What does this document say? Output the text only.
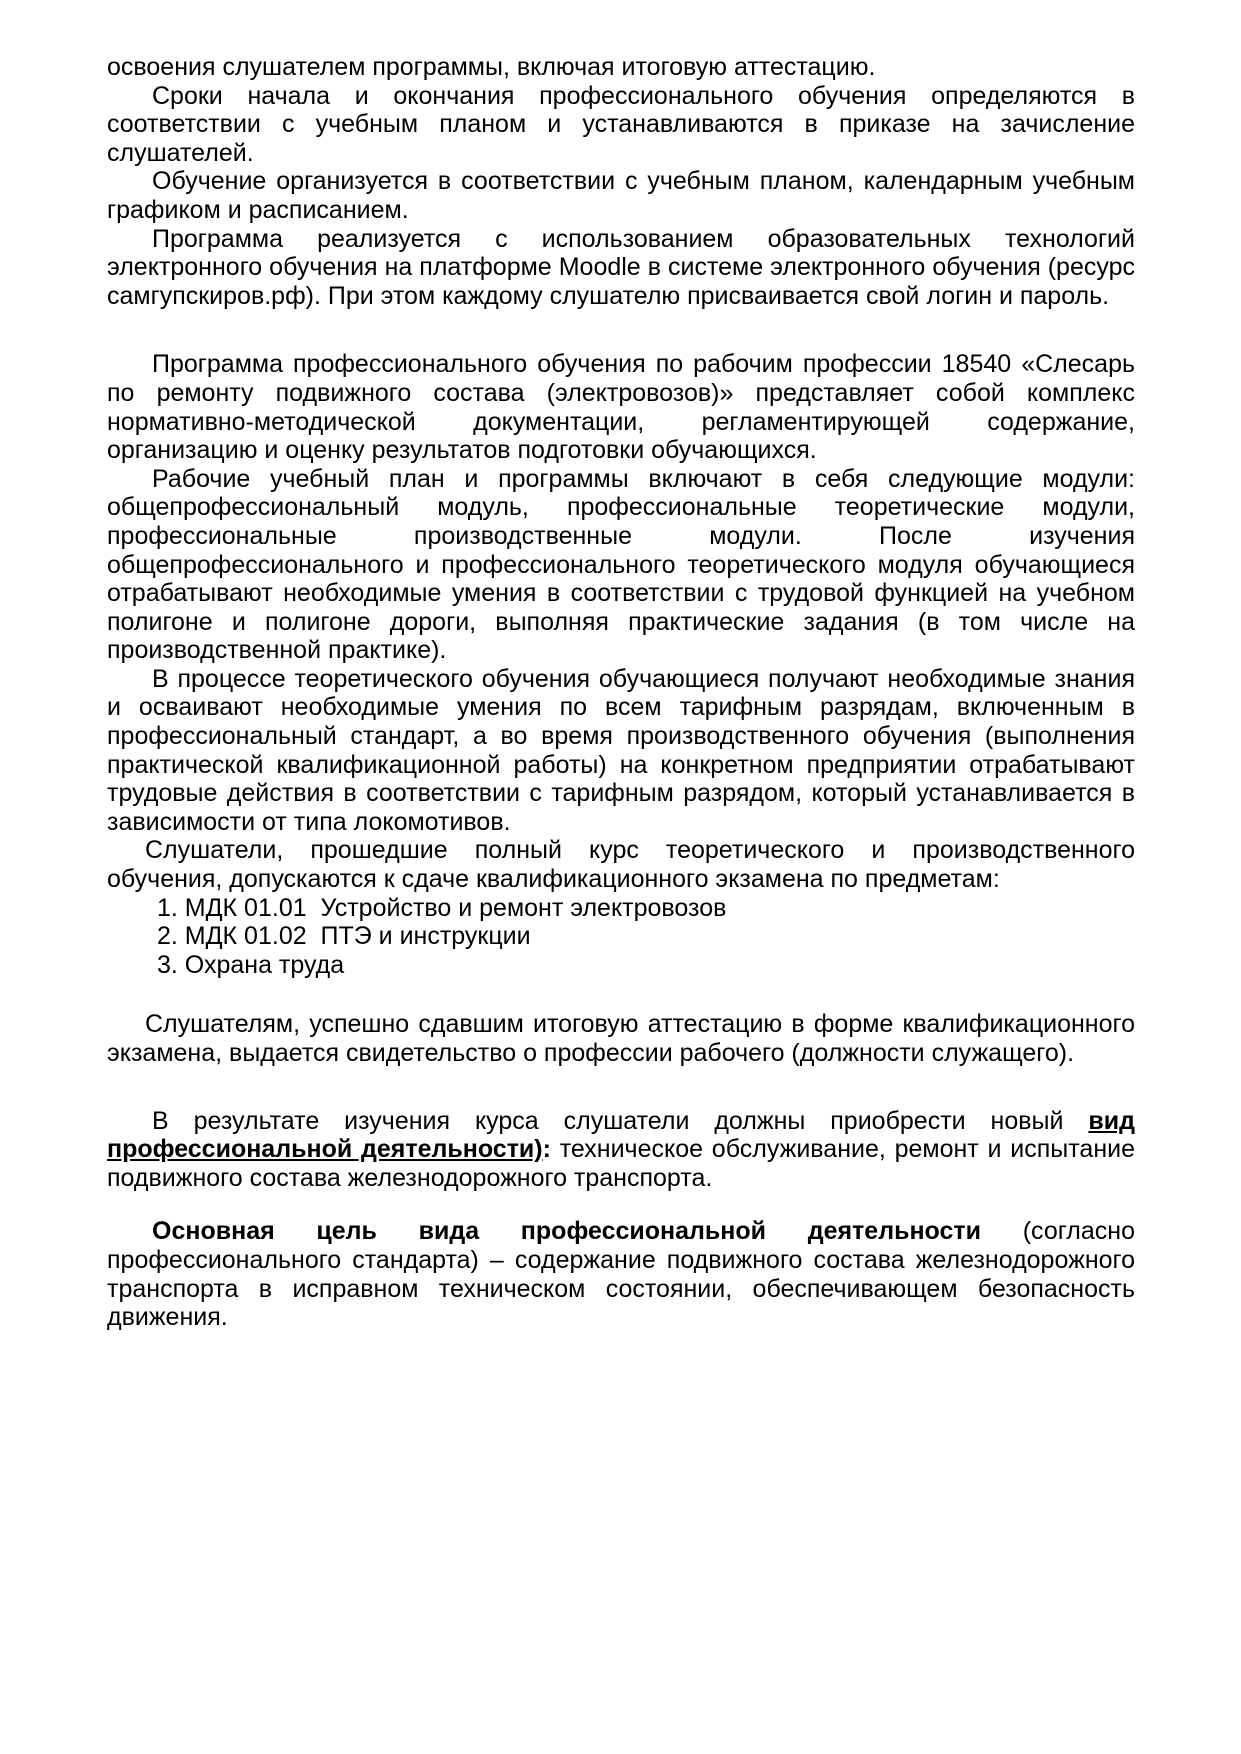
освоения слушателем программы, включая итоговую аттестацию.

Сроки начала и окончания профессионального обучения определяются в соответствии с учебным планом и устанавливаются в приказе на зачисление слушателей.

Обучение организуется в соответствии с учебным планом, календарным учебным графиком и расписанием.

Программа реализуется с использованием образовательных технологий электронного обучения на платформе Moodle в системе электронного обучения (ресурс самгупскиров.рф). При этом каждому слушателю присваивается свой логин и пароль.

Программа профессионального обучения по рабочим профессии 18540 «Слесарь по ремонту подвижного состава (электровозов)» представляет собой комплекс нормативно-методической документации, регламентирующей содержание, организацию и оценку результатов подготовки обучающихся.

Рабочие учебный план и программы включают в себя следующие модули: общепрофессиональный модуль, профессиональные теоретические модули, профессиональные производственные модули. После изучения общепрофессионального и профессионального теоретического модуля обучающиеся отрабатывают необходимые умения в соответствии с трудовой функцией на учебном полигоне и полигоне дороги, выполняя практические задания (в том числе на производственной практике).

В процессе теоретического обучения обучающиеся получают необходимые знания и осваивают необходимые умения по всем тарифным разрядам, включенным в профессиональный стандарт, а во время производственного обучения (выполнения практической квалификационной работы) на конкретном предприятии отрабатывают трудовые действия в соответствии с тарифным разрядом, который устанавливается в зависимости от типа локомотивов.

Слушатели, прошедшие полный курс теоретического и производственного обучения, допускаются к сдаче квалификационного экзамена по предметам:

1. МДК 01.01  Устройство и ремонт электровозов

2. МДК 01.02  ПТЭ и инструкции

3. Охрана труда

Слушателям, успешно сдавшим итоговую аттестацию в форме квалификационного экзамена, выдается свидетельство о профессии рабочего (должности служащего).

В результате изучения курса слушатели должны приобрести новый вид профессиональной деятельности): техническое обслуживание, ремонт и испытание подвижного состава железнодорожного транспорта.

Основная цель вида профессиональной деятельности (согласно профессионального стандарта) – содержание подвижного состава железнодорожного транспорта в исправном техническом состоянии, обеспечивающем безопасность движения.
